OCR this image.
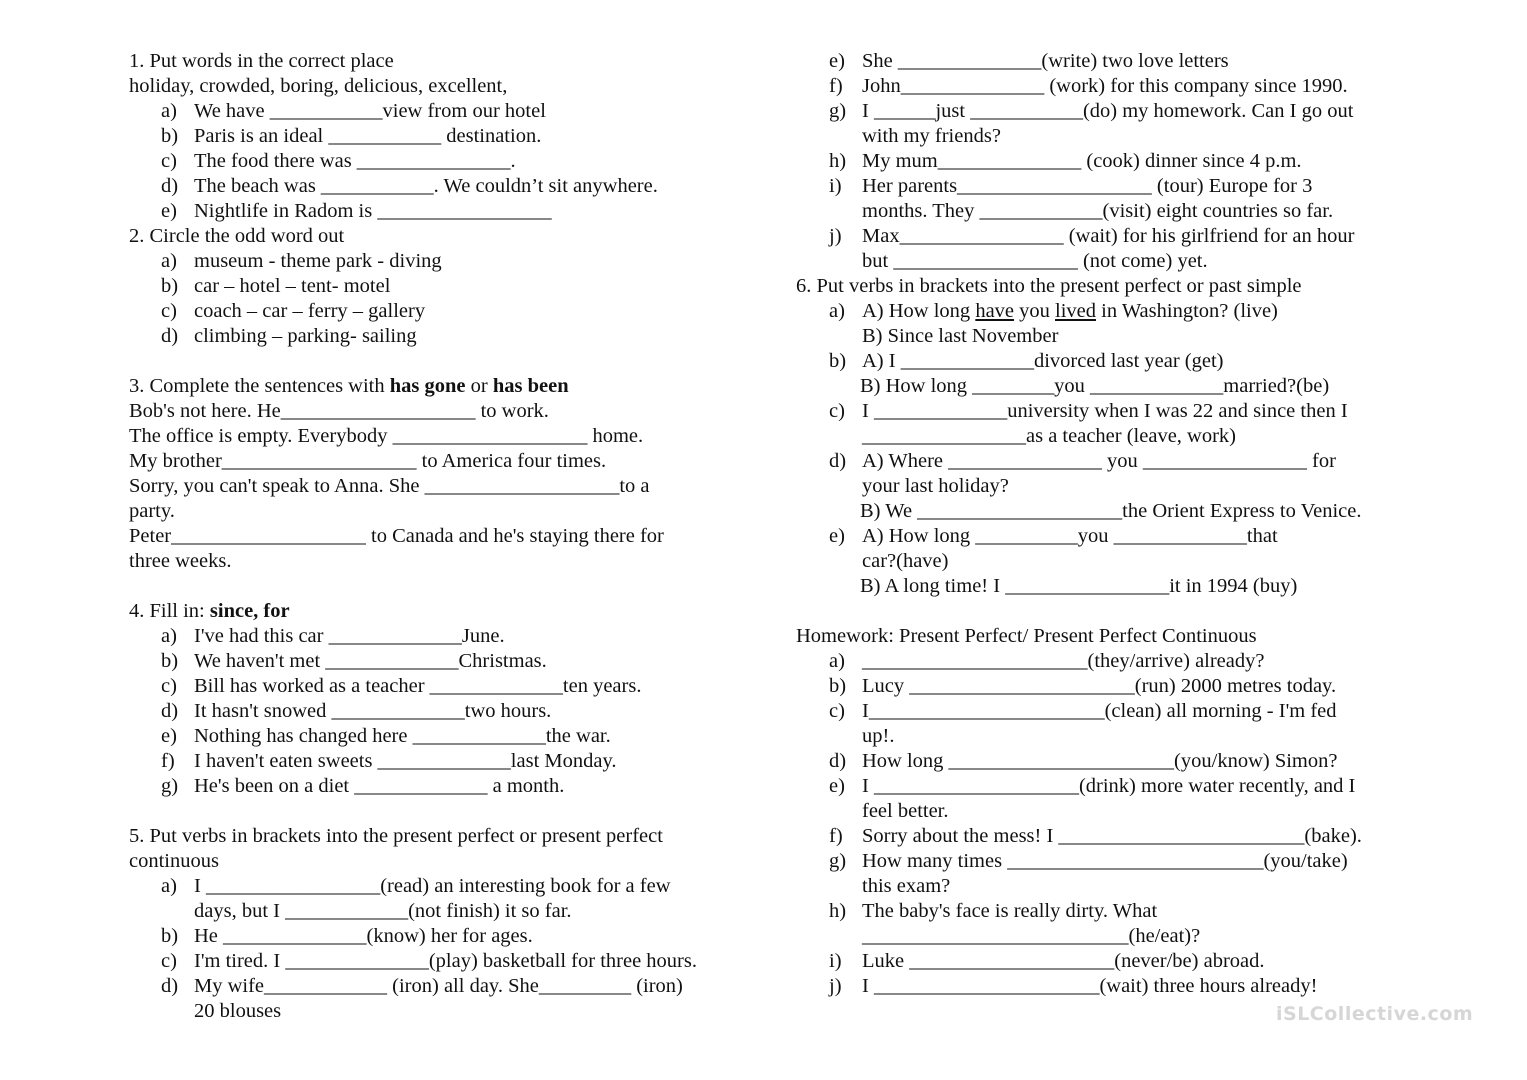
1. Put words in the correct place
holiday, crowded, boring, delicious, excellent,
a) We have ___________view from our hotel
b) Paris is an ideal ___________ destination.
c) The food there was _______________.
d) The beach was ___________. We couldn’t sit anywhere.
e) Nightlife in Radom is _________________
2. Circle the odd word out
a) museum - theme park - diving
b) car – hotel – tent- motel
c) coach – car – ferry – gallery
d) climbing – parking- sailing
3. Complete the sentences with has gone or has been
Bob's not here. He___________________ to work.
The office is empty. Everybody ___________________ home.
My brother___________________ to America four times.
Sorry, you can't speak to Anna. She ___________________to a
party.
Peter___________________ to Canada and he's staying there for
three weeks.
4. Fill in: since, for
a) I've had this car _____________June.
b) We haven't met _____________Christmas.
c) Bill has worked as a teacher _____________ten years.
d) It hasn't snowed _____________two hours.
e) Nothing has changed here _____________the war.
f) I haven't eaten sweets _____________last Monday.
g) He's been on a diet _____________ a month.
5. Put verbs in brackets into the present perfect or present perfect
continuous
a) I _________________(read) an interesting book for a few
days, but I ____________(not finish) it so far.
b) He ______________(know) her for ages.
c) I'm tired. I ______________(play) basketball for three hours.
d) My wife____________ (iron) all day. She_________ (iron)
20 blouses
e) She ______________(write) two love letters
f) John______________ (work) for this company since 1990.
g) I ______just ___________(do) my homework. Can I go out
with my friends?
h) My mum______________ (cook) dinner since 4 p.m.
i) Her parents___________________ (tour) Europe for 3
months. They ____________(visit) eight countries so far.
j) Max________________ (wait) for his girlfriend for an hour
but __________________ (not come) yet.
6. Put verbs in brackets into the present perfect or past simple
a) A) How long have you lived in Washington? (live)
B) Since last November
b) A) I _____________divorced last year (get)
B) How long ________you _____________married?(be)
c) I _____________university when I was 22 and since then I
________________as a teacher (leave, work)
d) A) Where _______________ you ________________ for
your last holiday?
B) We ____________________the Orient Express to Venice.
e) A) How long __________you _____________that
car?(have)
B) A long time! I ________________it in 1994 (buy)
Homework: Present Perfect/ Present Perfect Continuous
a) ______________________(they/arrive) already?
b) Lucy ______________________(run) 2000 metres today.
c) I_______________________(clean) all morning - I'm fed
up!.
d) How long ______________________(you/know) Simon?
e) I ____________________(drink) more water recently, and I
feel better.
f) Sorry about the mess! I ________________________(bake).
g) How many times _________________________(you/take)
this exam?
h) The baby's face is really dirty. What
__________________________(he/eat)?
i) Luke ____________________(never/be) abroad.
j) I ______________________(wait) three hours already!
iSLCollective.com
